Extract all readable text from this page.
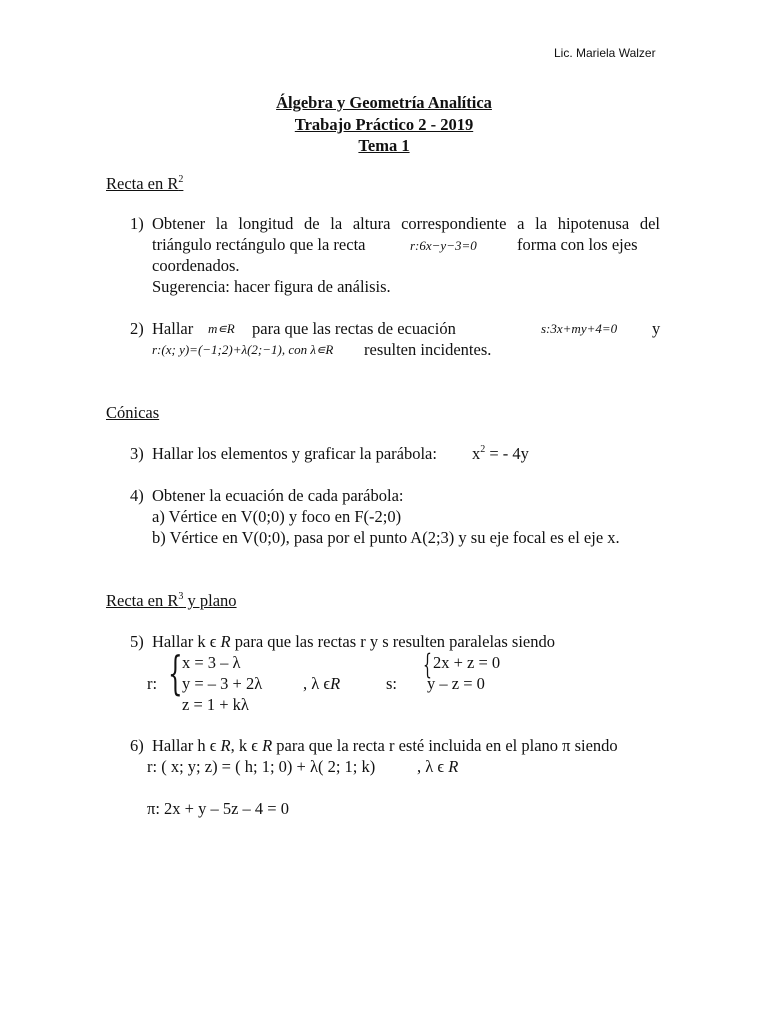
Lic. Mariela Walzer
Álgebra y Geometría Analítica
Trabajo Práctico 2 - 2019
Tema 1
Recta en $R^2$
1) Obtener la longitud de la altura correspondiente a la hipotenusa del
triángulo rectángulo que la recta	r:6x−y−3=0 forma con los ejes
coordenados.
Sugerencia: hacer figura de análisis.
2) Hallar m∊R para que las rectas de ecuación	s:3x+my+4=0 y
r:(x; y)=(−1;2)+λ(2;−1), con λ∊R resulten incidentes.
Cónicas
3) Hallar los elementos y graficar la parábola: $x^2$ = - 4y
4) Obtener la ecuación de cada parábola:
a) Vértice en V(0;0) y foco en F(-2;0)
b) Vértice en V(0;0), pasa por el punto A(2;3) y su eje focal es el eje x.
Recta en $R^3$ y plano
5) Hallar k ϵ R para que las rectas r y s resulten paralelas siendo
r: { x = 3 – λ
y = – 3 + 2λ
z = 1 + kλ
, λ ϵR	s:
{ 2x + z = 0
y – z = 0
6) Hallar h ϵ R, k ϵ R para que la recta r esté incluida en el plano π siendo
r: ( x; y; z) = ( h; 1; 0) + λ( 2; 1; k)	, λ ϵ R
π: 2x + y – 5z – 4 = 0
